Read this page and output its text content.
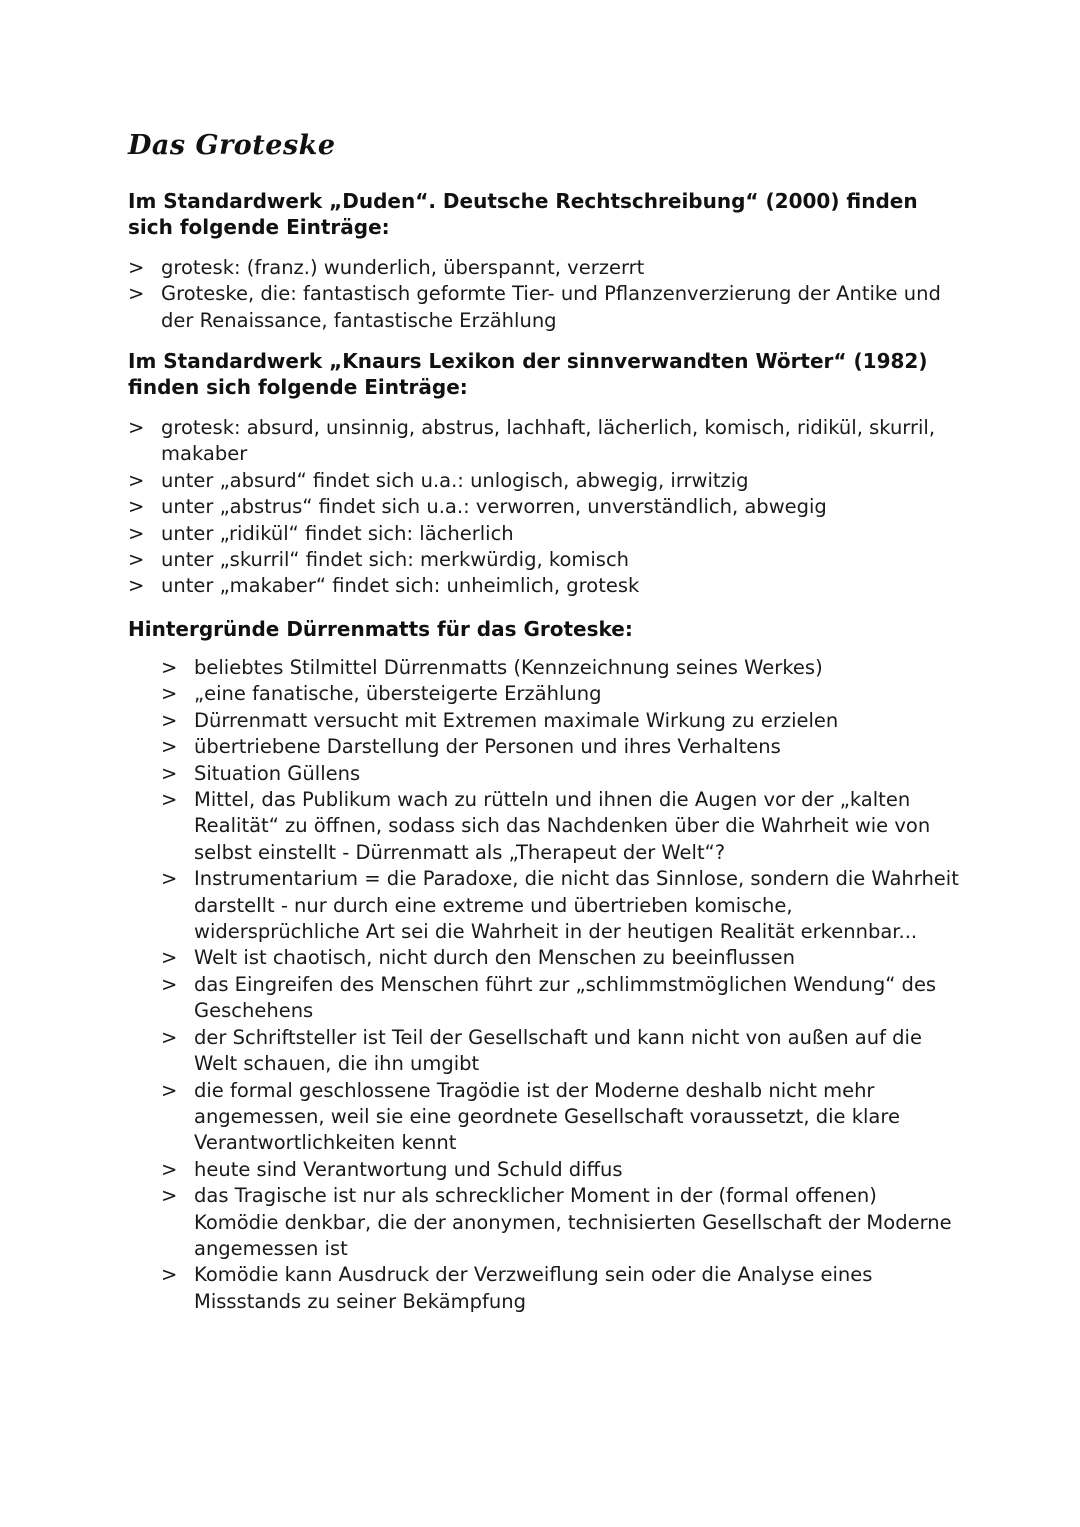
Das Groteske
Im Standardwerk „Duden“. Deutsche Rechtschreibung“ (2000) finden sich folgende Einträge:
> grotesk: (franz.) wunderlich, überspannt, verzerrt
> Groteske, die: fantastisch geformte Tier- und Pflanzenverzierung der Antike und der Renaissance, fantastische Erzählung
Im Standardwerk „Knaurs Lexikon der sinnverwandten Wörter“ (1982) finden sich folgende Einträge:
> grotesk: absurd, unsinnig, abstrus, lachhaft, lächerlich, komisch, ridikül, skurril, makaber
> unter „absurd“ findet sich u.a.: unlogisch, abwegig, irrwitzig
> unter „abstrus“ findet sich u.a.: verworren, unverständlich, abwegig
> unter „ridikül“ findet sich: lächerlich
> unter „skurril“ findet sich: merkwürdig, komisch
> unter „makaber“ findet sich: unheimlich, grotesk
Hintergründe Dürrenmatts für das Groteske:
> beliebtes Stilmittel Dürrenmatts (Kennzeichnung seines Werkes)
> „eine fanatische, übersteigerte Erzählung
> Dürrenmatt versucht mit Extremen maximale Wirkung zu erzielen
> übertriebene Darstellung der Personen und ihres Verhaltens
> Situation Güllens
> Mittel, das Publikum wach zu rütteln und ihnen die Augen vor der „kalten Realität“ zu öffnen, sodass sich das Nachdenken über die Wahrheit wie von selbst einstellt - Dürrenmatt als „Therapeut der Welt“?
> Instrumentarium = die Paradoxe, die nicht das Sinnlose, sondern die Wahrheit darstellt - nur durch eine extreme und übertrieben komische, widersprüchliche Art sei die Wahrheit in der heutigen Realität erkennbar...
> Welt ist chaotisch, nicht durch den Menschen zu beeinflussen
> das Eingreifen des Menschen führt zur „schlimmstmöglichen Wendung“ des Geschehens
> der Schriftsteller ist Teil der Gesellschaft und kann nicht von außen auf die Welt schauen, die ihn umgibt
> die formal geschlossene Tragödie ist der Moderne deshalb nicht mehr angemessen, weil sie eine geordnete Gesellschaft voraussetzt, die klare Verantwortlichkeiten kennt
> heute sind Verantwortung und Schuld diffus
> das Tragische ist nur als schrecklicher Moment in der (formal offenen) Komödie denkbar, die der anonymen, technisierten Gesellschaft der Moderne angemessen ist
> Komödie kann Ausdruck der Verzweiflung sein oder die Analyse eines Missstands zu seiner Bekämpfung
